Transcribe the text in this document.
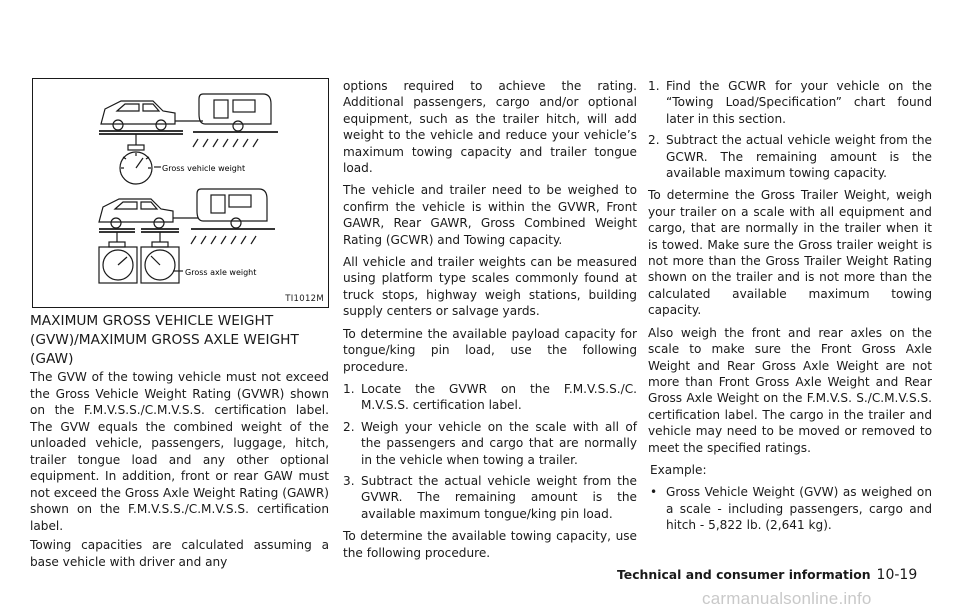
Gross vehicle weight
Gross axle weight
TI1012M
MAXIMUM GROSS VEHICLE WEIGHT (GVW)/MAXIMUM GROSS AXLE WEIGHT (GAW)

The GVW of the towing vehicle must not exceed the Gross Vehicle Weight Rating (GVWR) shown on the F.M.V.S.S./C.M.V.S.S. certification label. The GVW equals the combined weight of the unloaded vehicle, passengers, luggage, hitch, trailer tongue load and any other optional equipment. In addition, front or rear GAW must not exceed the Gross Axle Weight Rating (GAWR) shown on the F.M.V.S.S./C.M.V.S.S. certification label.

Towing capacities are calculated assuming a base vehicle with driver and any

options required to achieve the rating. Additional passengers, cargo and/or optional equipment, such as the trailer hitch, will add weight to the vehicle and reduce your vehicle’s maximum towing capacity and trailer tongue load.

The vehicle and trailer need to be weighed to confirm the vehicle is within the GVWR, Front GAWR, Rear GAWR, Gross Combined Weight Rating (GCWR) and Towing capacity.

All vehicle and trailer weights can be measured using platform type scales commonly found at truck stops, highway weigh stations, building supply centers or salvage yards.

To determine the available payload capacity for tongue/king pin load, use the following procedure.

1. Locate the GVWR on the F.M.V.S.S./C. M.V.S.S. certification label.
2. Weigh your vehicle on the scale with all of the passengers and cargo that are normally in the vehicle when towing a trailer.
3. Subtract the actual vehicle weight from the GVWR. The remaining amount is the available maximum tongue/king pin load.

To determine the available towing capacity, use the following procedure.

1. Find the GCWR for your vehicle on the “Towing Load/Specification” chart found later in this section.
2. Subtract the actual vehicle weight from the GCWR. The remaining amount is the available maximum towing capacity.

To determine the Gross Trailer Weight, weigh your trailer on a scale with all equipment and cargo, that are normally in the trailer when it is towed. Make sure the Gross trailer weight is not more than the Gross Trailer Weight Rating shown on the trailer and is not more than the calculated available maximum towing capacity.

Also weigh the front and rear axles on the scale to make sure the Front Gross Axle Weight and Rear Gross Axle Weight are not more than Front Gross Axle Weight and Rear Gross Axle Weight on the F.M.V.S. S./C.M.V.S.S. certification label. The cargo in the trailer and vehicle may need to be moved or removed to meet the specified ratings.

Example:

• Gross Vehicle Weight (GVW) as weighed on a scale - including passengers, cargo and hitch - 5,822 lb. (2,641 kg).
Technical and consumer information 10-19
carmanualsonline.info
